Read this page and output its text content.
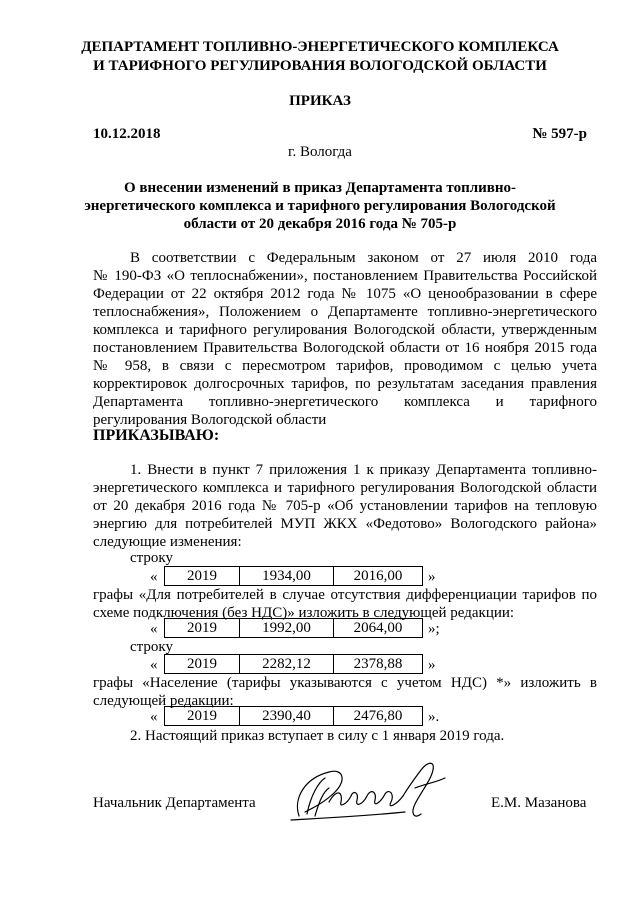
ДЕПАРТАМЕНТ ТОПЛИВНО-ЭНЕРГЕТИЧЕСКОГО КОМПЛЕКСА
И ТАРИФНОГО РЕГУЛИРОВАНИЯ ВОЛОГОДСКОЙ ОБЛАСТИ
ПРИКАЗ
10.12.2018	№ 597-р
г. Вологда
О внесении изменений в приказ Департамента топливно-
энергетического комплекса и тарифного регулирования Вологодской
области от 20 декабря 2016 года № 705-р
В соответствии с Федеральным законом от 27 июля 2010 года
№ 190-ФЗ «О теплоснабжении», постановлением Правительства Российской
Федерации от 22 октября 2012 года № 1075 «О ценообразовании в сфере
теплоснабжения», Положением о Департаменте топливно-энергетического
комплекса и тарифного регулирования Вологодской области, утвержденным
постановлением Правительства Вологодской области от 16 ноября 2015 года
№ 958, в связи с пересмотром тарифов, проводимом с целью учета
корректировок долгосрочных тарифов, по результатам заседания правления
Департамента топливно-энергетического комплекса и тарифного
регулирования Вологодской области
ПРИКАЗЫВАЮ:
1. Внести в пункт 7 приложения 1 к приказу Департамента топливно-
энергетического комплекса и тарифного регулирования Вологодской области
от 20 декабря 2016 года № 705-р «Об установлении тарифов на тепловую
энергию для потребителей МУП ЖКХ «Федотово» Вологодского района»
следующие изменения:
строку
« 2019	1934,00	2016,00 »
графы «Для потребителей в случае отсутствия дифференциации тарифов по
схеме подключения (без НДС)» изложить в следующей редакции:
« 2019	1992,00	2064,00 »;
строку
« 2019	2282,12	2378,88 »
графы «Население (тарифы указываются с учетом НДС) *» изложить в
следующей редакции:
« 2019	2390,40	2476,80 ».
2. Настоящий приказ вступает в силу с 1 января 2019 года.
Начальник Департамента	Е.М. Мазанова
